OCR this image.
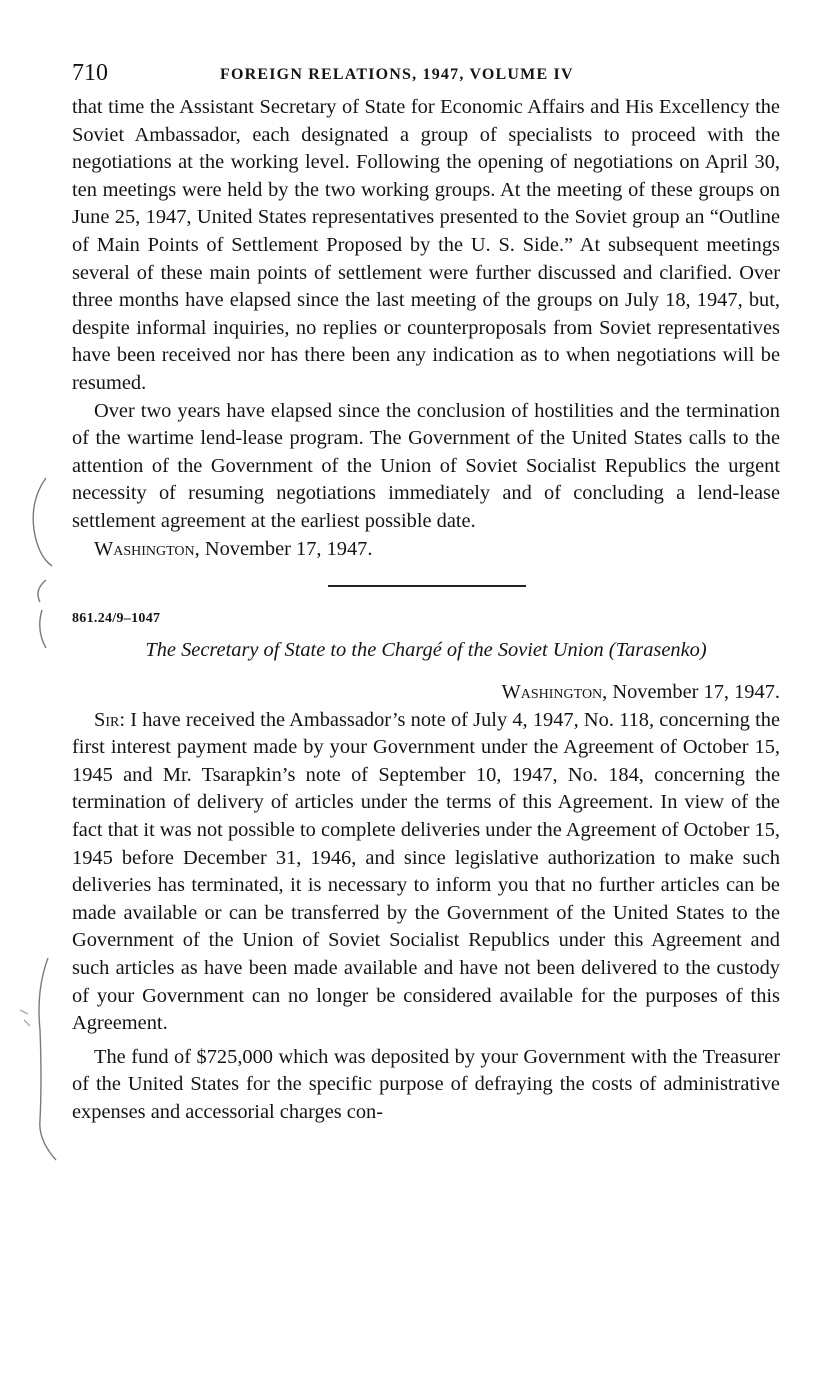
710	FOREIGN RELATIONS, 1947, VOLUME IV

that time the Assistant Secretary of State for Economic Affairs and His Excellency the Soviet Ambassador, each designated a group of specialists to proceed with the negotiations at the working level. Following the opening of negotiations on April 30, ten meetings were held by the two working groups. At the meeting of these groups on June 25, 1947, United States representatives presented to the Soviet group an “Outline of Main Points of Settlement Proposed by the U. S. Side.” At subsequent meetings several of these main points of settlement were further discussed and clarified. Over three months have elapsed since the last meeting of the groups on July 18, 1947, but, despite informal inquiries, no replies or counterproposals from Soviet representatives have been received nor has there been any indication as to when negotiations will be resumed.

Over two years have elapsed since the conclusion of hostilities and the termination of the wartime lend-lease program. The Government of the United States calls to the attention of the Government of the Union of Soviet Socialist Republics the urgent necessity of resuming negotiations immediately and of concluding a lend-lease settlement agreement at the earliest possible date.

Washington, November 17, 1947.

861.24/9–1047
The Secretary of State to the Chargé of the Soviet Union (Tarasenko)
Washington, November 17, 1947.

Sir: I have received the Ambassador’s note of July 4, 1947, No. 118, concerning the first interest payment made by your Government under the Agreement of October 15, 1945 and Mr. Tsarapkin’s note of September 10, 1947, No. 184, concerning the termination of delivery of articles under the terms of this Agreement. In view of the fact that it was not possible to complete deliveries under the Agreement of October 15, 1945 before December 31, 1946, and since legislative authorization to make such deliveries has terminated, it is necessary to inform you that no further articles can be made available or can be transferred by the Government of the United States to the Government of the Union of Soviet Socialist Republics under this Agreement and such articles as have been made available and have not been delivered to the custody of your Government can no longer be considered available for the purposes of this Agreement.

The fund of $725,000 which was deposited by your Government with the Treasurer of the United States for the specific purpose of defraying the costs of administrative expenses and accessorial charges con-
